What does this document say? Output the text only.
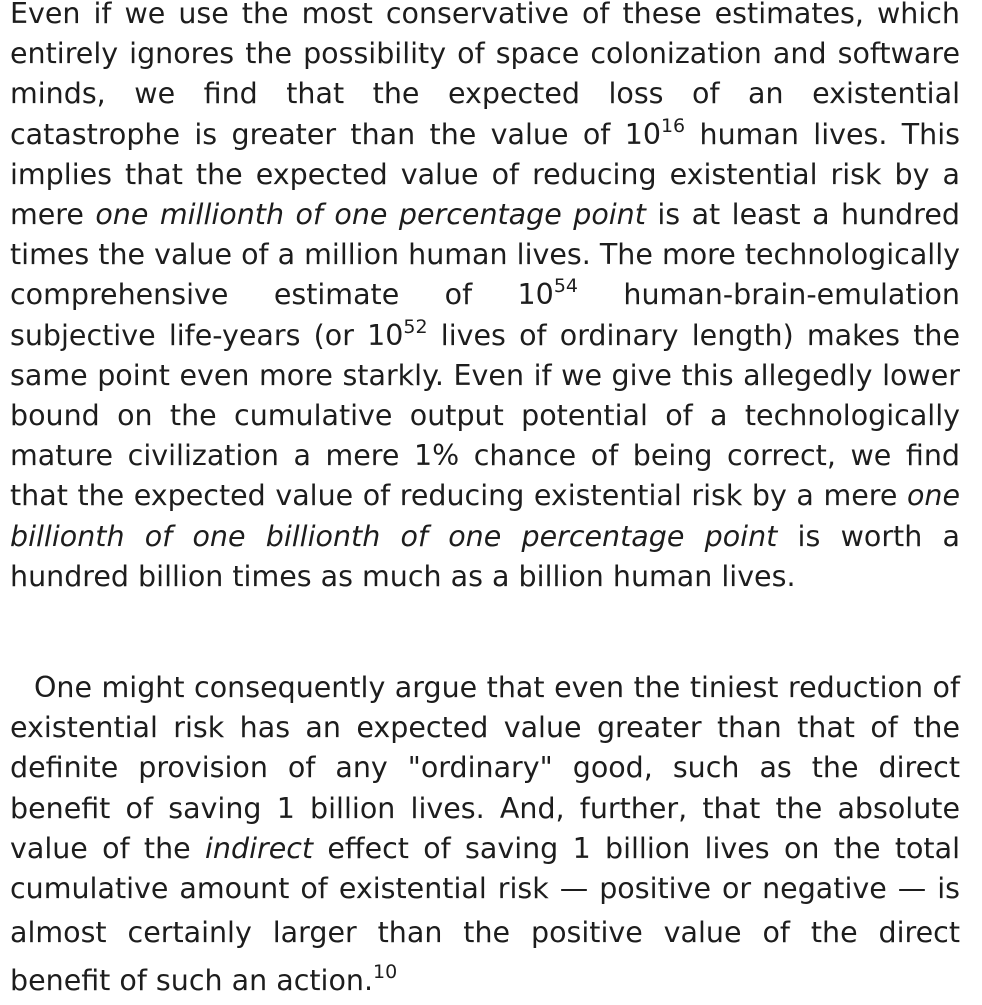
Even if we use the most conservative of these estimates, which entirely ignores the possibility of space colonization and software minds, we find that the expected loss of an existential catastrophe is greater than the value of $10^{16}$ human lives. This implies that the expected value of reducing existential risk by a mere one millionth of one percentage point is at least a hundred times the value of a million human lives. The more technologically comprehensive estimate of $10^{54}$ human-brain-emulation subjective life-years (or $10^{52}$ lives of ordinary length) makes the same point even more starkly. Even if we give this allegedly lower bound on the cumulative output potential of a technologically mature civilization a mere 1% chance of being correct, we find that the expected value of reducing existential risk by a mere one billionth of one billionth of one percentage point is worth a hundred billion times as much as a billion human lives.

One might consequently argue that even the tiniest reduction of existential risk has an expected value greater than that of the definite provision of any "ordinary" good, such as the direct benefit of saving 1 billion lives. And, further, that the absolute value of the indirect effect of saving 1 billion lives on the total cumulative amount of existential risk — positive or negative — is almost certainly larger than the positive value of the direct benefit of such an action.$^{10}$
